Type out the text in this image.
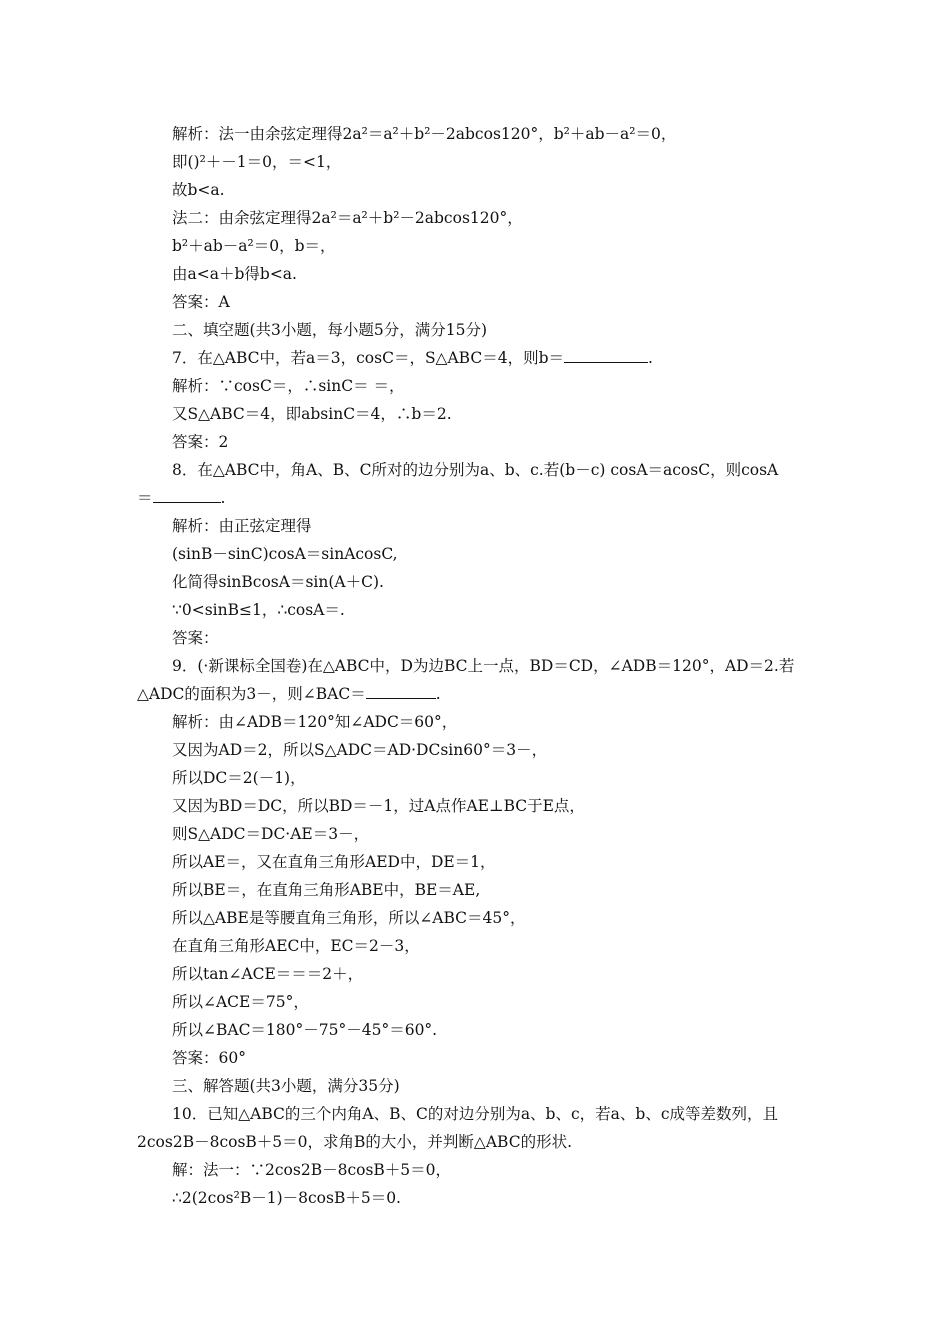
解析：法一由余弦定理得2a²＝a²＋b²－2abcos120°，b²＋ab－a²＝0，
即()²＋－1＝0，＝<1，
故b<a.
法二：由余弦定理得2a²＝a²＋b²－2abcos120°，
b²＋ab－a²＝0，b＝，
由a<a＋b得b<a.
答案：A
二、填空题(共3小题，每小题5分，满分15分)
7．在△ABC中，若a＝3，cosC＝，S△ABC＝4，则b＝	.
解析：∵cosC＝，∴sinC＝ ＝，
又S△ABC＝4，即absinC＝4，∴b＝2.
答案：2
8．在△ABC中，角A、B、C所对的边分别为a、b、c.若(b－c) cosA＝acosC，则cosA
＝	.
解析：由正弦定理得
(sinB－sinC)cosA＝sinAcosC,
化简得sinBcosA＝sin(A＋C).
∵0<sinB≤1，∴cosA＝.
答案：
9．(·新课标全国卷)在△ABC中，D为边BC上一点，BD＝CD，∠ADB＝120°，AD＝2.若
△ADC的面积为3－，则∠BAC＝	.
解析：由∠ADB＝120°知∠ADC＝60°，
又因为AD＝2，所以S△ADC＝AD·DCsin60°＝3－，
所以DC＝2(－1)，
又因为BD＝DC，所以BD＝－1，过A点作AE⊥BC于E点，
则S△ADC＝DC·AE＝3－，
所以AE＝，又在直角三角形AED中，DE＝1，
所以BE＝，在直角三角形ABE中，BE＝AE,
所以△ABE是等腰直角三角形，所以∠ABC＝45°，
在直角三角形AEC中，EC＝2－3，
所以tan∠ACE＝＝＝2＋，
所以∠ACE＝75°，
所以∠BAC＝180°－75°－45°＝60°.
答案：60°
三、解答题(共3小题，满分35分)
10．已知△ABC的三个内角A、B、C的对边分别为a、b、c，若a、b、c成等差数列，且
2cos2B－8cosB＋5＝0，求角B的大小，并判断△ABC的形状.
解：法一：∵2cos2B－8cosB＋5＝0，
∴2(2cos²B－1)－8cosB＋5＝0.
